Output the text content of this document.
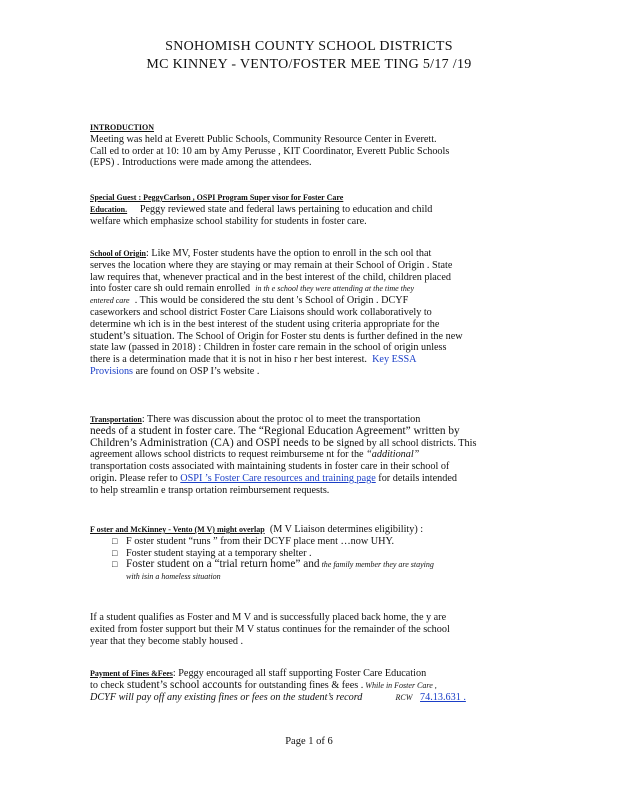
SNOHOMISH COUNTY SCHOOL DISTRICTS
MC KINNEY - VENTO/FOSTER MEE TING 5/17 /19
INTRODUCTION
Meeting was held at Everett Public Schools, Community Resource Center in Everett.
Call ed to order at 10: 10 am by Amy Perusse , KIT Coordinator, Everett Public Schools
(EPS) . Introductions were made among the attendees.
Special Guest : PeggyCarlson , OSPI Program Super visor for Foster Care
Education. Peggy reviewed state and federal laws pertaining to education and child
welfare which emphasize school stability for students in foster care.
School of Origin: Like MV, Foster students have the option to enroll in the sch ool that
serves the location where they are staying or may remain at their School of Origin . State
law requires that, whenever practical and in the best interest of the child, children placed
into foster care sh ould remain enrolled in th e school they were attending at the time they
entered care . This would be considered the stu dent 's School of Origin . DCYF
caseworkers and school district Foster Care Liaisons should work collaboratively to
determine wh ich is in the best interest of the student using criteria appropriate for the
student’s situation. The School of Origin for Foster stu dents is further defined in the new
state law (passed in 2018) : Children in foster care remain in the school of origin unless
there is a determination made that it is not in hiso r her best interest. Key ESSA
Provisions are found on OSP I’s website .
Transportation: There was discussion about the protoc ol to meet the transportation
needs of a student in foster care. The “Regional Education Agreement” written by
Children’s Administration (CA) and OSPI needs to be signed by all school districts. This
agreement allows school districts to request reimburseme nt for the “additional”
transportation costs associated with maintaining students in foster care in their school of
origin. Please refer to OSPI ’s Foster Care resources and training page for details intended
to help streamlin e transp ortation reimbursement requests.
F oster and McKinney - Vento (M V) might overlap (M V Liaison determines eligibility) :
□ F oster student “runs ” from their DCYF place ment …now UHY.
□ Foster student staying at a temporary shelter .
□ Foster student on a “trial return home” and the family member they are staying
with isin a homeless situation
If a student qualifies as Foster and M V and is successfully placed back home, the y are
exited from foster support but their M V status continues for the remainder of the school
year that they become stably housed .
Payment of Fines &Fees: Peggy encouraged all staff supporting Foster Care Education
to check student’s school accounts for outstanding fines & fees . While in Foster Care ,
DCYF will pay off any existing fines or fees on the student’s record	RCW 74.13.631 .
Page 1 of 6
